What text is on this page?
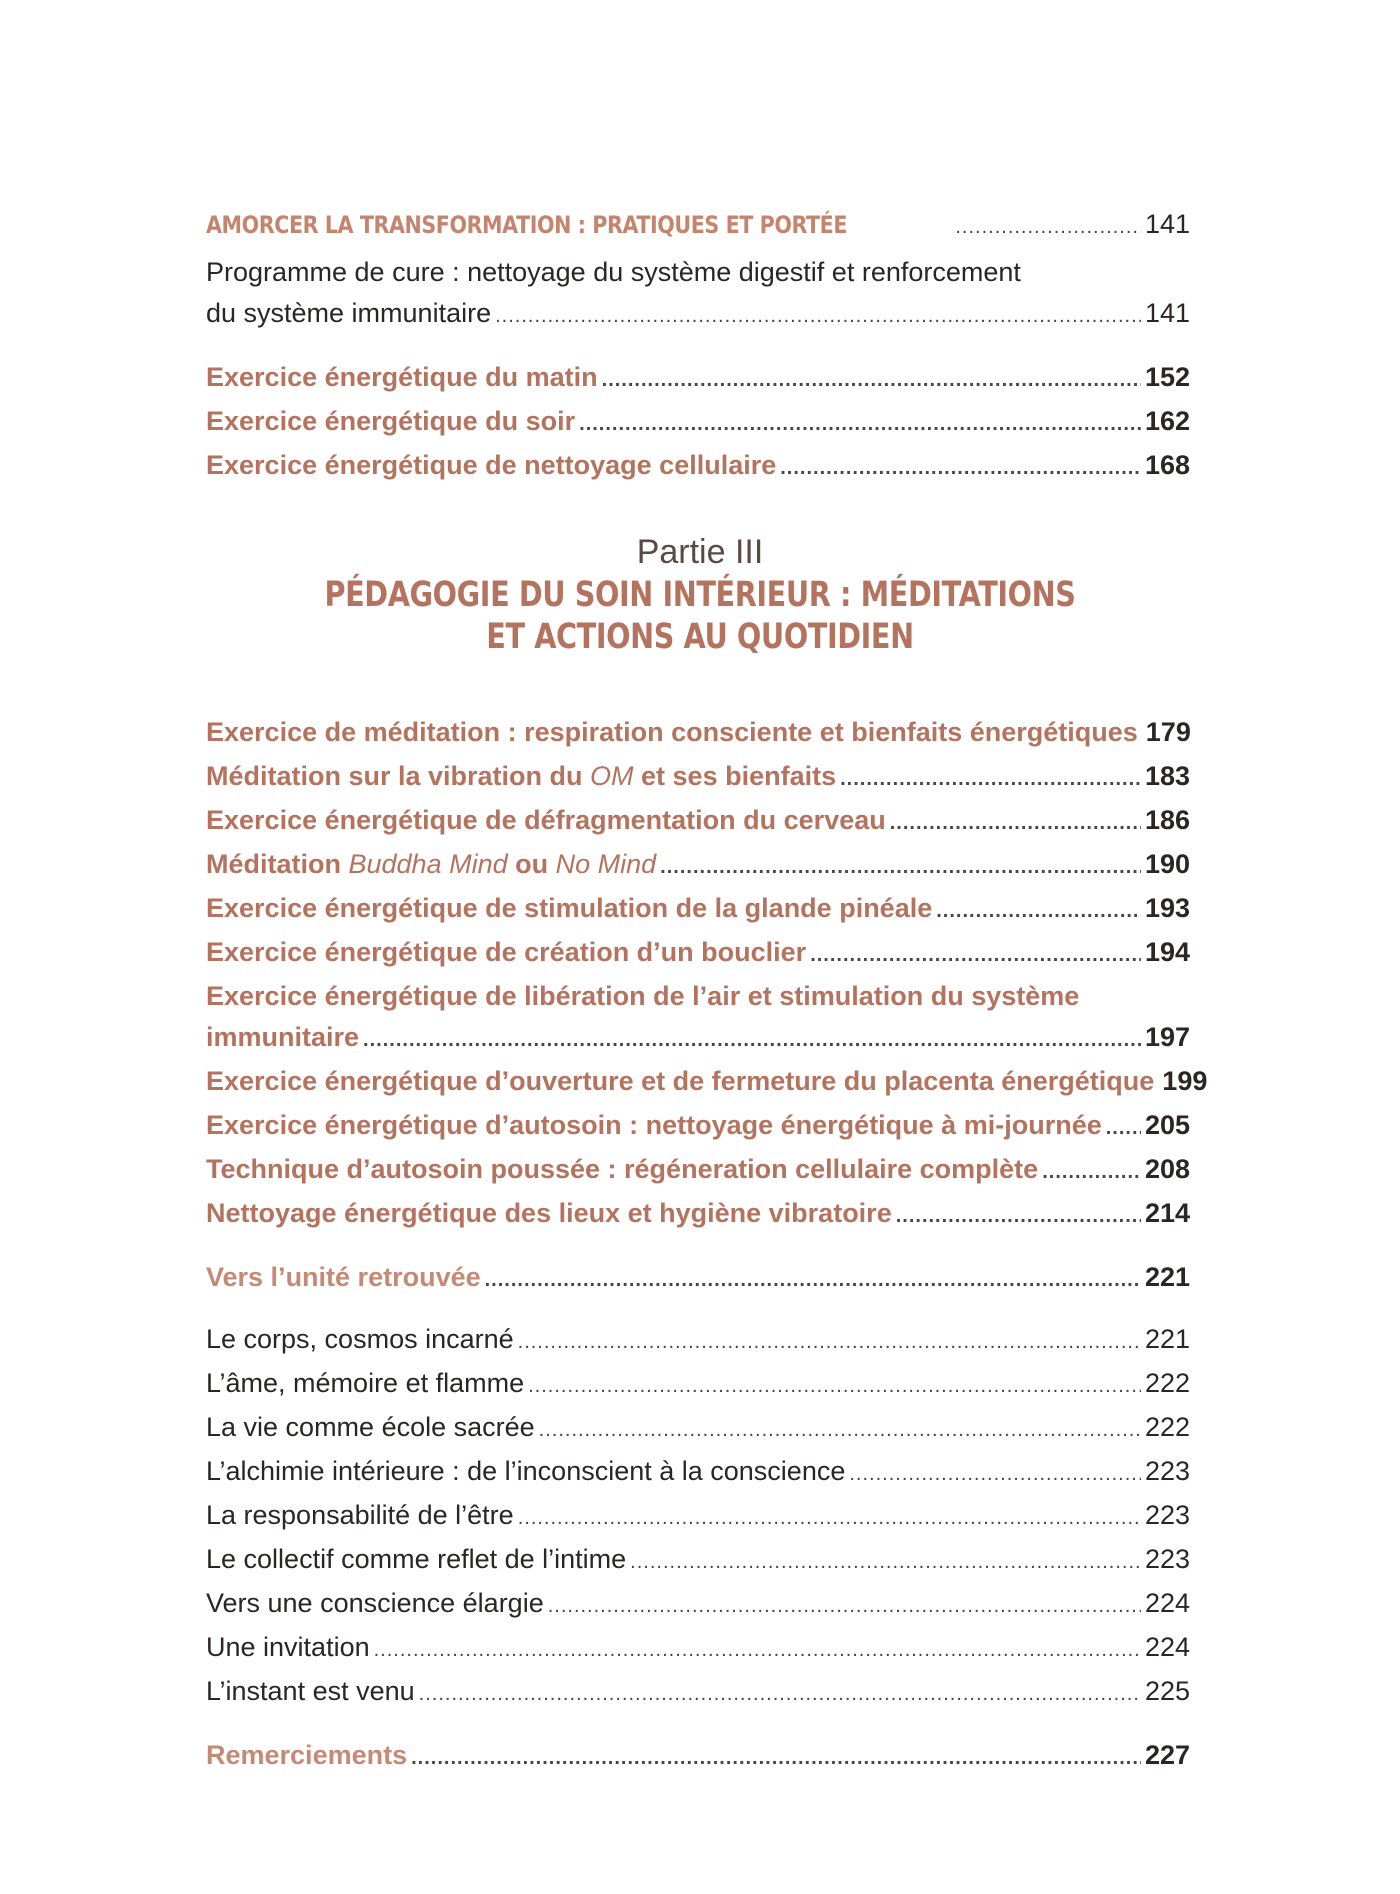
AMORCER LA TRANSFORMATION : PRATIQUES ET PORTÉE .....	141

Programme de cure : nettoyage du système digestif et renforcement

du système immunitaire .....	141
Exercice énergétique du matin .....	152
Exercice énergétique du soir .....	162
Exercice énergétique de nettoyage cellulaire .....	168
Partie III
PÉDAGOGIE DU SOIN INTÉRIEUR : MÉDITATIONS
ET ACTIONS AU QUOTIDIEN
Exercice de méditation : respiration consciente et bienfaits énergétiques 179
Méditation sur la vibration du OM et ses bienfaits .....	183
Exercice énergétique de défragmentation du cerveau .....	186
Méditation Buddha Mind ou No Mind .....	190
Exercice énergétique de stimulation de la glande pinéale .....	193
Exercice énergétique de création d’un bouclier .....	194

Exercice énergétique de libération de l’air et stimulation du système

immunitaire .....	197
Exercice énergétique d’ouverture et de fermeture du placenta énergétique 199
Exercice énergétique d’autosoin : nettoyage énergétique à mi-journée ..... 205
Technique d’autosoin poussée : régéneration cellulaire complète .....	208
Nettoyage énergétique des lieux et hygiène vibratoire .....	214
Vers l’unité retrouvée .....	221
Le corps, cosmos incarné .....	221
L’âme, mémoire et flamme .....	222
La vie comme école sacrée .....	222
L’alchimie intérieure : de l’inconscient à la conscience .....	223
La responsabilité de l’être .....	223
Le collectif comme reflet de l’intime .....	223
Vers une conscience élargie .....	224
Une invitation .....	224
L’instant est venu .....	225
Remerciements .....	227
